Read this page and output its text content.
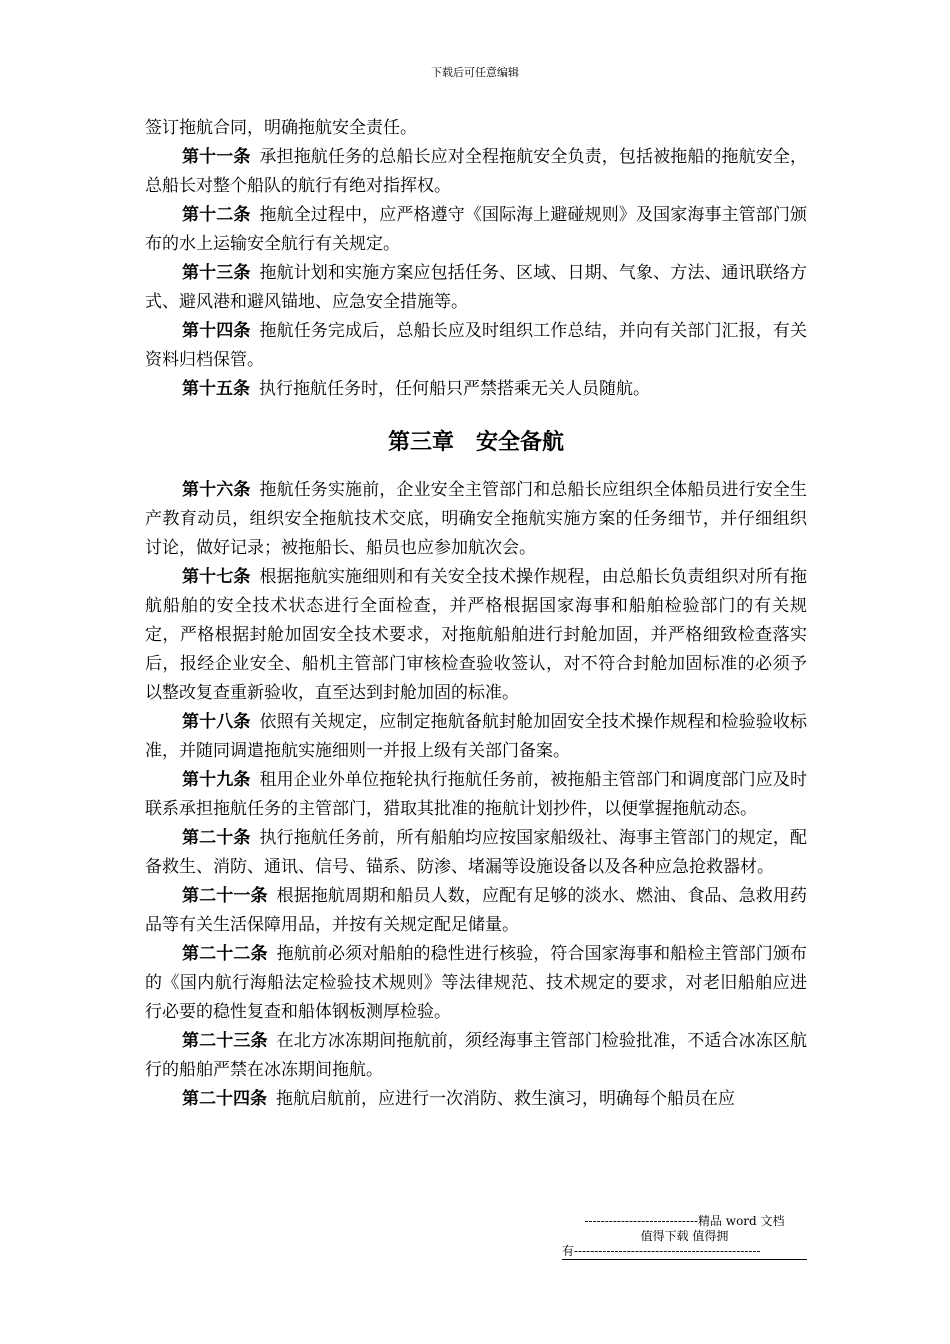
下载后可任意编辑

签订拖航合同，明确拖航安全责任。

第十一条 承担拖航任务的总船长应对全程拖航安全负责，包括被拖船的拖航安全，总船长对整个船队的航行有绝对指挥权。

第十二条 拖航全过程中，应严格遵守《国际海上避碰规则》及国家海事主管部门颁布的水上运输安全航行有关规定。

第十三条 拖航计划和实施方案应包括任务、区域、日期、气象、方法、通讯联络方式、避风港和避风锚地、应急安全措施等。

第十四条 拖航任务完成后，总船长应及时组织工作总结，并向有关部门汇报，有关资料归档保管。

第十五条 执行拖航任务时，任何船只严禁搭乘无关人员随航。

第三章　安全备航

第十六条 拖航任务实施前，企业安全主管部门和总船长应组织全体船员进行安全生产教育动员，组织安全拖航技术交底，明确安全拖航实施方案的任务细节，并仔细组织讨论，做好记录；被拖船长、船员也应参加航次会。

第十七条 根据拖航实施细则和有关安全技术操作规程，由总船长负责组织对所有拖航船舶的安全技术状态进行全面检查，并严格根据国家海事和船舶检验部门的有关规定，严格根据封舱加固安全技术要求，对拖航船舶进行封舱加固，并严格细致检查落实后，报经企业安全、船机主管部门审核检查验收签认，对不符合封舱加固标准的必须予以整改复查重新验收，直至达到封舱加固的标准。

第十八条 依照有关规定，应制定拖航备航封舱加固安全技术操作规程和检验验收标准，并随同调遣拖航实施细则一并报上级有关部门备案。

第十九条 租用企业外单位拖轮执行拖航任务前，被拖船主管部门和调度部门应及时联系承担拖航任务的主管部门，猎取其批准的拖航计划抄件，以便掌握拖航动态。

第二十条 执行拖航任务前，所有船舶均应按国家船级社、海事主管部门的规定，配备救生、消防、通讯、信号、锚系、防渗、堵漏等设施设备以及各种应急抢救器材。

第二十一条 根据拖航周期和船员人数，应配有足够的淡水、燃油、食品、急救用药品等有关生活保障用品，并按有关规定配足储量。

第二十二条 拖航前必须对船舶的稳性进行核验，符合国家海事和船检主管部门颁布的《国内航行海船法定检验技术规则》等法律规范、技术规定的要求，对老旧船舶应进行必要的稳性复查和船体钢板测厚检验。

第二十三条 在北方冰冻期间拖航前，须经海事主管部门检验批准，不适合冰冻区航行的船舶严禁在冰冻期间拖航。

第二十四条 拖航启航前，应进行一次消防、救生演习，明确每个船员在应

----------------------------精品 word 文档
值得下载 值得拥
有----------------------------------------------
